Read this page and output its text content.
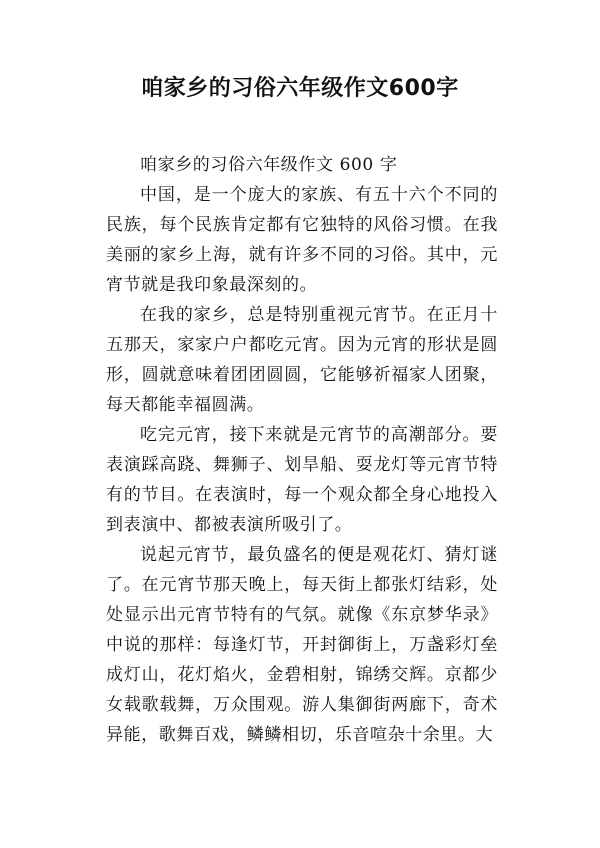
咱家乡的习俗六年级作文600字

咱家乡的习俗六年级作文 600 字

中国，是一个庞大的家族、有五十六个不同的民族，每个民族肯定都有它独特的风俗习惯。在我美丽的家乡上海，就有许多不同的习俗。其中，元宵节就是我印象最深刻的。

在我的家乡，总是特别重视元宵节。在正月十五那天，家家户户都吃元宵。因为元宵的形状是圆形，圆就意味着团团圆圆，它能够祈福家人团聚，每天都能幸福圆满。

吃完元宵，接下来就是元宵节的高潮部分。要表演踩高跷、舞狮子、划旱船、耍龙灯等元宵节特有的节目。在表演时，每一个观众都全身心地投入到表演中、都被表演所吸引了。

说起元宵节，最负盛名的便是观花灯、猜灯谜了。在元宵节那天晚上，每天街上都张灯结彩，处处显示出元宵节特有的气氛。就像《东京梦华录》中说的那样：每逢灯节，开封御街上，万盏彩灯垒成灯山，花灯焰火，金碧相射，锦绣交辉。京都少女载歌载舞，万众围观。游人集御街两廊下，奇术异能，歌舞百戏，鳞鳞相切，乐音喧杂十余里。大
